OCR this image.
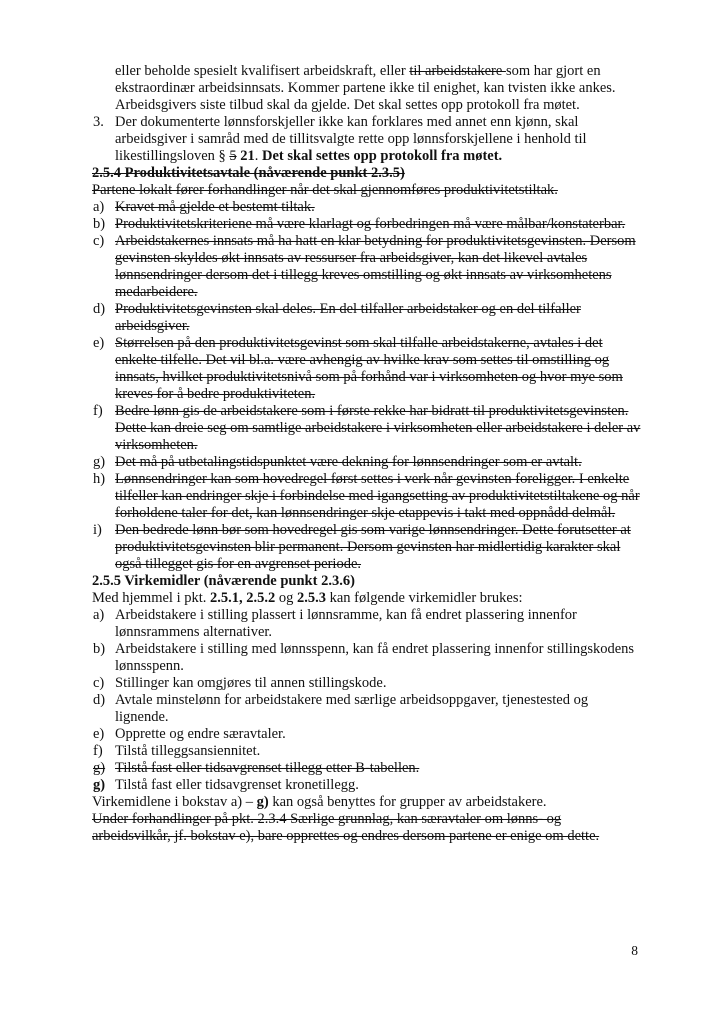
eller beholde spesielt kvalifisert arbeidskraft, eller til arbeidstakere som har gjort en ekstraordinær arbeidsinnsats. Kommer partene ikke til enighet, kan tvisten ikke ankes. Arbeidsgivers siste tilbud skal da gjelde. Det skal settes opp protokoll fra møtet.
3. Der dokumenterte lønnsforskjeller ikke kan forklares med annet enn kjønn, skal arbeidsgiver i samråd med de tillitsvalgte rette opp lønnsforskjellene i henhold til likestillingsloven § 5 21. Det skal settes opp protokoll fra møtet.
2.5.4 Produktivitetsavtale (nåværende punkt 2.3.5)
Partene lokalt fører forhandlinger når det skal gjennomføres produktivitetstiltak.
a) Kravet må gjelde et bestemt tiltak.
b) Produktivitetskriteriene må være klarlagt og forbedringen må være målbar/konstaterbar.
c) Arbeidstakernes innsats må ha hatt en klar betydning for produktivitetsgevinsten. Dersom gevinsten skyldes økt innsats av ressurser fra arbeidsgiver, kan det likevel avtales lønnsendringer dersom det i tillegg kreves omstilling og økt innsats av virksomhetens medarbeidere.
d) Produktivitetsgevinsten skal deles. En del tilfaller arbeidstaker og en del tilfaller arbeidsgiver.
e) Størrelsen på den produktivitetsgevinst som skal tilfalle arbeidstakerne, avtales i det enkelte tilfelle. Det vil bl.a. være avhengig av hvilke krav som settes til omstilling og innsats, hvilket produktivitetsnivå som på forhånd var i virksomheten og hvor mye som kreves for å bedre produktiviteten.
f) Bedre lønn gis de arbeidstakere som i første rekke har bidratt til produktivitetsgevinsten. Dette kan dreie seg om samtlige arbeidstakere i virksomheten eller arbeidstakere i deler av virksomheten.
g) Det må på utbetalingstidspunktet være dekning for lønnsendringer som er avtalt.
h) Lønnsendringer kan som hovedregel først settes i verk når gevinsten foreligger. I enkelte tilfeller kan endringer skje i forbindelse med igangsetting av produktivitetstiltakene og når forholdene taler for det, kan lønnsendringer skje etappevis i takt med oppnådd delmål.
i) Den bedrede lønn bør som hovedregel gis som varige lønnsendringer. Dette forutsetter at produktivitetsgevinsten blir permanent. Dersom gevinsten har midlertidig karakter skal også tillegget gis for en avgrenset periode.
2.5.5 Virkemidler (nåværende punkt 2.3.6)
Med hjemmel i pkt. 2.5.1, 2.5.2 og 2.5.3 kan følgende virkemidler brukes:
a) Arbeidstakere i stilling plassert i lønnsramme, kan få endret plassering innenfor lønnsrammens alternativer.
b) Arbeidstakere i stilling med lønnsspenn, kan få endret plassering innenfor stillingskodens lønnsspenn.
c) Stillinger kan omgjøres til annen stillingskode.
d) Avtale minstelønn for arbeidstakere med særlige arbeidsoppgaver, tjenestested og lignende.
e) Opprette og endre særavtaler.
f) Tilstå tilleggsansiennitet.
g) Tilstå fast eller tidsavgrenset tillegg etter B-tabellen.
g) Tilstå fast eller tidsavgrenset kronetillegg.
Virkemidlene i bokstav a) – g) kan også benyttes for grupper av arbeidstakere.
Under forhandlinger på pkt. 2.3.4 Særlige grunnlag, kan særavtaler om lønns- og arbeidsvilkår, jf. bokstav e), bare opprettes og endres dersom partene er enige om dette.
8
